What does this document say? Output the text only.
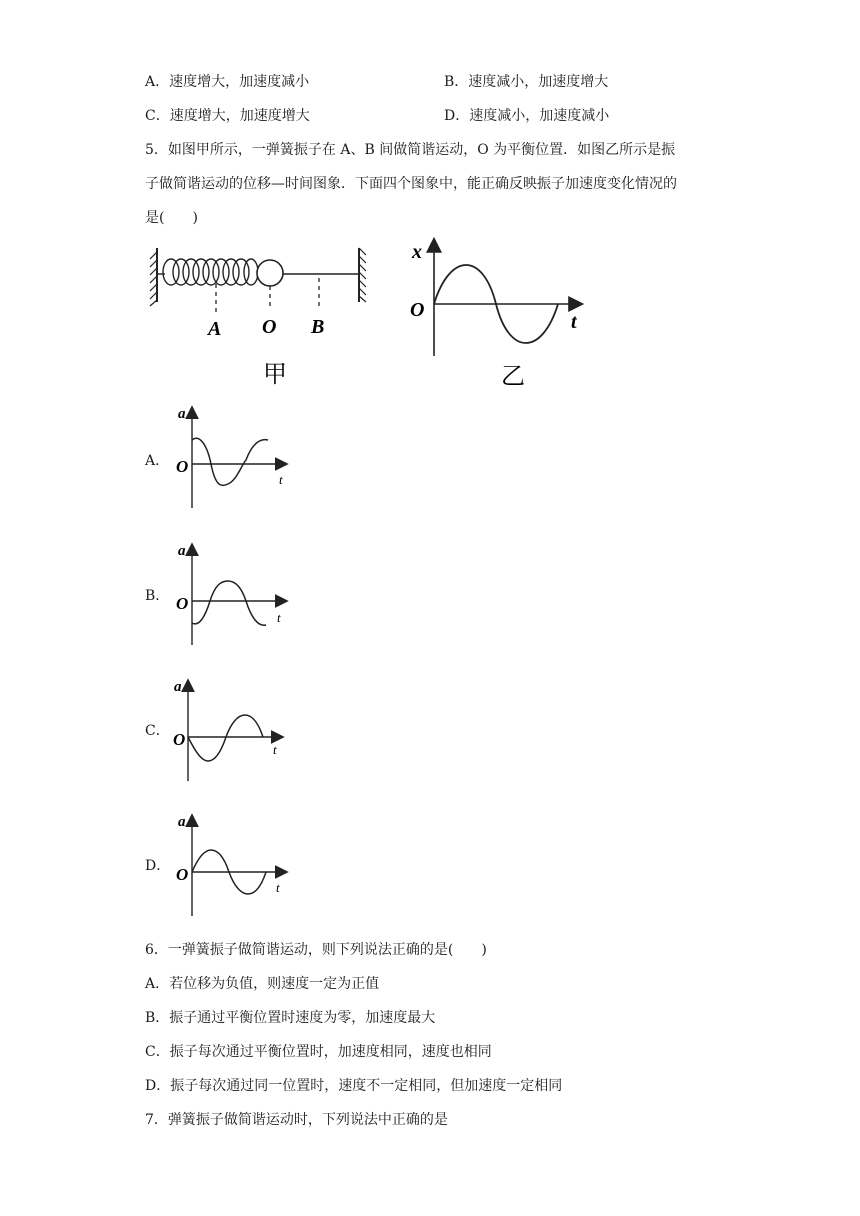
A．速度增大，加速度减小	B．速度减小，加速度增大
C．速度增大，加速度增大	D．速度减小，加速度减小
5．如图甲所示，一弹簧振子在 A、B 间做简谐运动，O 为平衡位置．如图乙所示是振
子做简谐运动的位移—时间图象．下面四个图象中，能正确反映振子加速度变化情况的
是(　　)
A O B
甲
x
O
t
乙
A．
a
O
t
B．
a
O
t
C．
a
O
t
D．
a
O
t
6．一弹簧振子做简谐运动，则下列说法正确的是(　　)
A．若位移为负值，则速度一定为正值
B．振子通过平衡位置时速度为零，加速度最大
C．振子每次通过平衡位置时，加速度相同，速度也相同
D．振子每次通过同一位置时，速度不一定相同，但加速度一定相同
7．弹簧振子做简谐运动时，下列说法中正确的是
